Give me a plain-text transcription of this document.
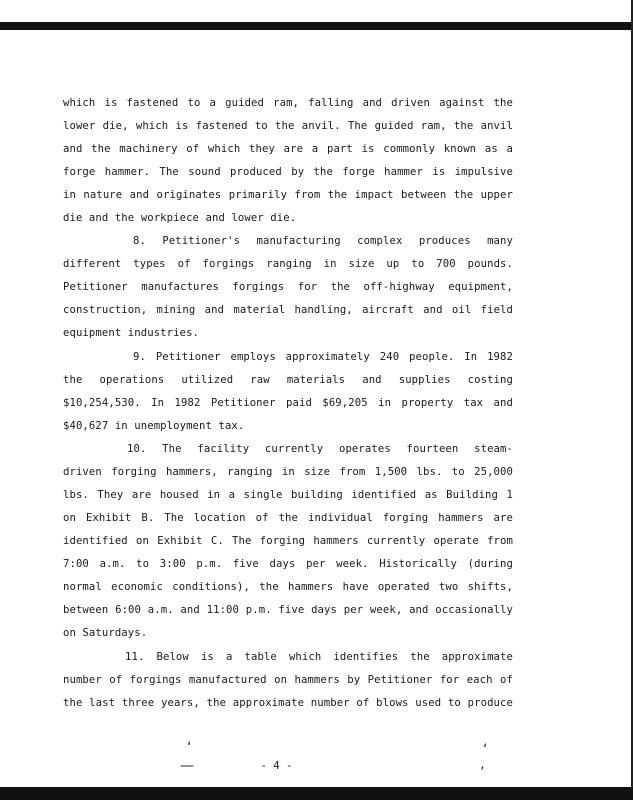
which is fastened to a guided ram, falling and driven against the
lower die, which is fastened to the anvil. The guided ram, the anvil
and the machinery of which they are a part is commonly known as a
forge hammer. The sound produced by the forge hammer is impulsive
in nature and originates primarily from the impact between the upper
die and the workpiece and lower die.
8. Petitioner's manufacturing complex produces many
different types of forgings ranging in size up to 700 pounds.
Petitioner manufactures forgings for the off-highway equipment,
construction, mining and material handling, aircraft and oil field
equipment industries.
9. Petitioner employs approximately 240 people. In 1982
the operations utilized raw materials and supplies costing
$10,254,530. In 1982 Petitioner paid $69,205 in property tax and
$40,627 in unemployment tax.
10. The facility currently operates fourteen steam-
driven forging hammers, ranging in size from 1,500 lbs. to 25,000
lbs. They are housed in a single building identified as Building 1
on Exhibit B. The location of the individual forging hammers are
identified on Exhibit C. The forging hammers currently operate from
7:00 a.m. to 3:00 p.m. five days per week. Historically (during
normal economic conditions), the hammers have operated two shifts,
between 6:00 a.m. and 11:00 p.m. five days per week, and occasionally
on Saturdays.
11. Below is a table which identifies the approximate
number of forgings manufactured on hammers by Petitioner for each of
the last three years, the approximate number of blows used to produce
‘
—
‘
’
- 4 -
